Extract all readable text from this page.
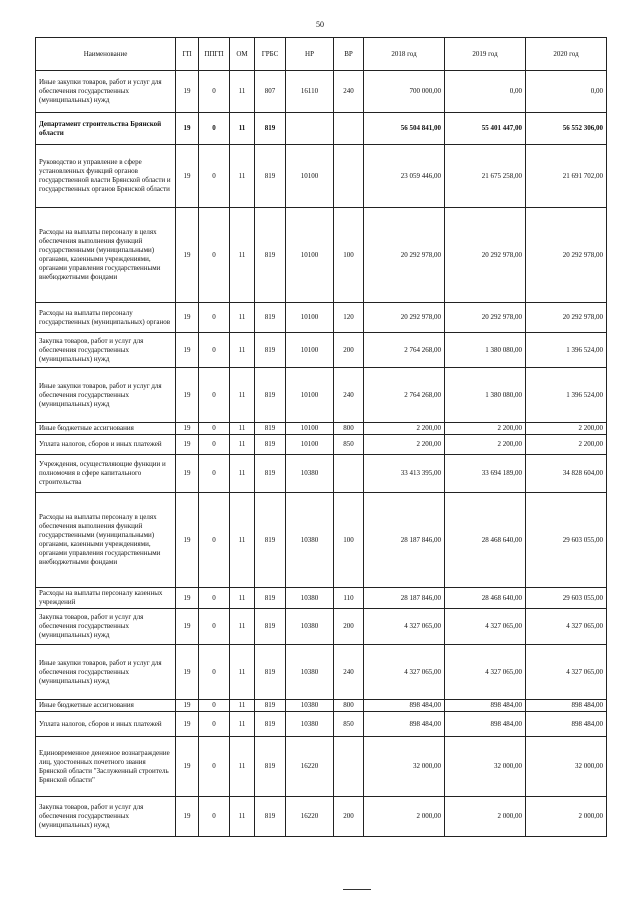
50
Наименование	ГП	ППГП	ОМ	ГРБС	НР	ВР	2018 год	2019 год	2020 год
Иные закупки товаров, работ и услуг для обеспечения государственных (муниципальных) нужд	19	0	11	807	16110	240	700 000,00	0,00	0,00
Департамент строительства Брянской области	19	0	11	819			56 504 841,00	55 401 447,00	56 552 306,00
Руководство и управление в сфере установленных функций органов государственной власти Брянской области и государственных органов Брянской области	19	0	11	819	10100		23 059 446,00	21 675 258,00	21 691 702,00
Расходы на выплаты персоналу в целях обеспечения выполнения функций государственными (муниципальными) органами, казенными учреждениями, органами управления государственными внебюджетными фондами	19	0	11	819	10100	100	20 292 978,00	20 292 978,00	20 292 978,00
Расходы на выплаты персоналу государственных (муниципальных) органов	19	0	11	819	10100	120	20 292 978,00	20 292 978,00	20 292 978,00
Закупка товаров, работ и услуг для обеспечения государственных (муниципальных) нужд	19	0	11	819	10100	200	2 764 268,00	1 380 080,00	1 396 524,00
Иные закупки товаров, работ и услуг для обеспечения государственных (муниципальных) нужд	19	0	11	819	10100	240	2 764 268,00	1 380 080,00	1 396 524,00
Иные бюджетные ассигнования	19	0	11	819	10100	800	2 200,00	2 200,00	2 200,00
Уплата налогов, сборов и иных платежей	19	0	11	819	10100	850	2 200,00	2 200,00	2 200,00
Учреждения, осуществляющие функции и полномочия в сфере капитального строительства	19	0	11	819	10380		33 413 395,00	33 694 189,00	34 828 604,00
Расходы на выплаты персоналу в целях обеспечения выполнения функций государственными (муниципальными) органами, казенными учреждениями, органами управления государственными внебюджетными фондами	19	0	11	819	10380	100	28 187 846,00	28 468 640,00	29 603 055,00
Расходы на выплаты персоналу казенных учреждений	19	0	11	819	10380	110	28 187 846,00	28 468 640,00	29 603 055,00
Закупка товаров, работ и услуг для обеспечения государственных (муниципальных) нужд	19	0	11	819	10380	200	4 327 065,00	4 327 065,00	4 327 065,00
Иные закупки товаров, работ и услуг для обеспечения государственных (муниципальных) нужд	19	0	11	819	10380	240	4 327 065,00	4 327 065,00	4 327 065,00
Иные бюджетные ассигнования	19	0	11	819	10380	800	898 484,00	898 484,00	898 484,00
Уплата налогов, сборов и иных платежей	19	0	11	819	10380	850	898 484,00	898 484,00	898 484,00
Единовременное денежное вознаграждение лиц, удостоенных почетного звания Брянской области "Заслуженный строитель Брянской области"	19	0	11	819	16220		32 000,00	32 000,00	32 000,00
Закупка товаров, работ и услуг для обеспечения государственных (муниципальных) нужд	19	0	11	819	16220	200	2 000,00	2 000,00	2 000,00
